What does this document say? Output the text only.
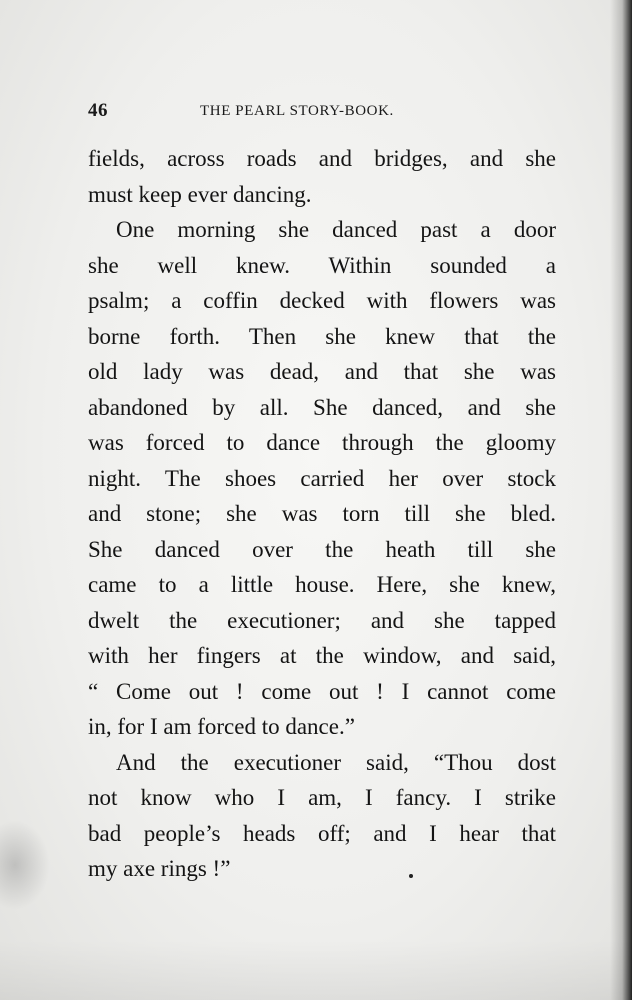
46	THE PEARL STORY-BOOK.
fields, across roads and bridges, and she
must keep ever dancing.
One morning she danced past a door
she well knew. Within sounded a
psalm; a coffin decked with flowers was
borne forth. Then she knew that the
old lady was dead, and that she was
abandoned by all. She danced, and she
was forced to dance through the gloomy
night. The shoes carried her over stock
and stone; she was torn till she bled.
She danced over the heath till she
came to a little house. Here, she knew,
dwelt the executioner; and she tapped
with her fingers at the window, and said,
“ Come out ! come out ! I cannot come
in, for I am forced to dance.”
And the executioner said, “Thou dost
not know who I am, I fancy. I strike
bad people’s heads off; and I hear that
my axe rings !”
